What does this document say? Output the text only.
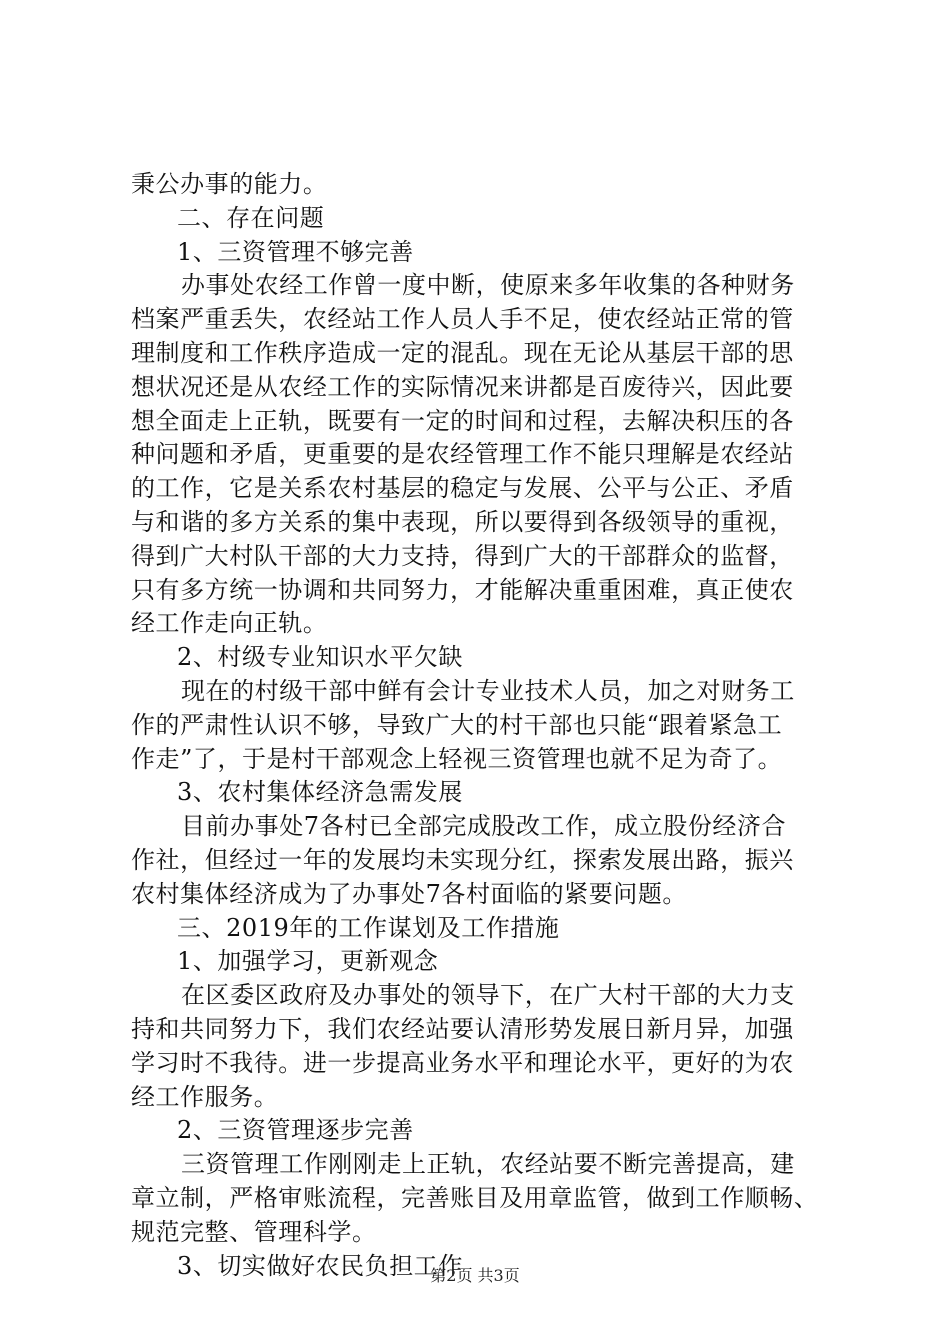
秉公办事的能力。
二、存在问题
1、三资管理不够完善
办事处农经工作曾一度中断，使原来多年收集的各种财务
档案严重丢失，农经站工作人员人手不足，使农经站正常的管
理制度和工作秩序造成一定的混乱。现在无论从基层干部的思
想状况还是从农经工作的实际情况来讲都是百废待兴，因此要
想全面走上正轨，既要有一定的时间和过程，去解决积压的各
种问题和矛盾，更重要的是农经管理工作不能只理解是农经站
的工作，它是关系农村基层的稳定与发展、公平与公正、矛盾
与和谐的多方关系的集中表现，所以要得到各级领导的重视，
得到广大村队干部的大力支持，得到广大的干部群众的监督，
只有多方统一协调和共同努力，才能解决重重困难，真正使农
经工作走向正轨。
2、村级专业知识水平欠缺
现在的村级干部中鲜有会计专业技术人员，加之对财务工
作的严肃性认识不够，导致广大的村干部也只能“跟着紧急工
作走”了，于是村干部观念上轻视三资管理也就不足为奇了。
3、农村集体经济急需发展
目前办事处7各村已全部完成股改工作，成立股份经济合
作社，但经过一年的发展均未实现分红，探索发展出路，振兴
农村集体经济成为了办事处7各村面临的紧要问题。
三、2019年的工作谋划及工作措施
1、加强学习，更新观念
在区委区政府及办事处的领导下，在广大村干部的大力支
持和共同努力下，我们农经站要认清形势发展日新月异，加强
学习时不我待。进一步提高业务水平和理论水平，更好的为农
经工作服务。
2、三资管理逐步完善
三资管理工作刚刚走上正轨，农经站要不断完善提高，建
章立制，严格审账流程，完善账目及用章监管，做到工作顺畅、
规范完整、管理科学。
3、切实做好农民负担工作
第2页 共3页
